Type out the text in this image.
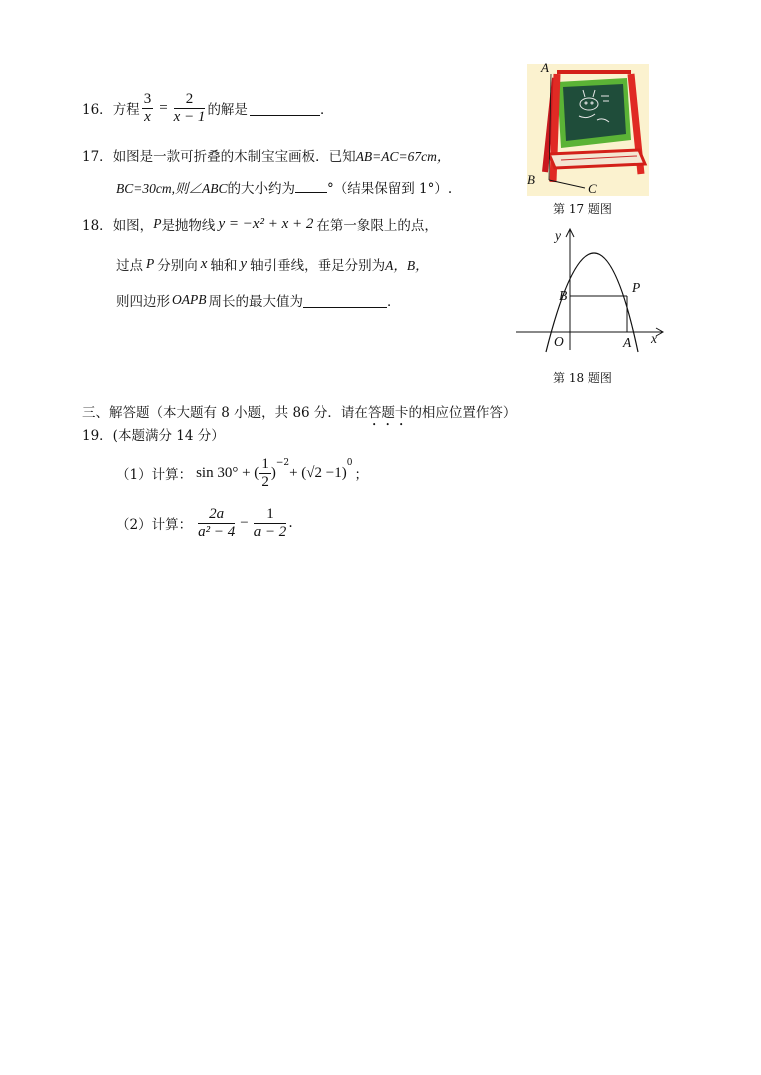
16． 方程 $\frac{3}{x} = \frac{2}{x - 1}$ 的解是	．
17．如图是一款可折叠的木制宝宝画板．已知AB=AC=67cm，
BC=30cm,则∠ABC的大小约为 °（结果保留到 1°）.
A
B
C
第 17 题图
18． 如图， P 是抛物线 y = −x² + x + 2 在第一象限上的点，
过点 P 分别向 x 轴和 y 轴引垂线，垂足分别为 A，B，
则四边形 OAPB 周长的最大值为	．
y
x
O	A
B
P
第 18 题图
三、解答题（本大题有 8 小题，共 86 分．请在答题卡的相应位置作答）
19．(本题满分 14 分）
（1）计算： sin 30° + ( $\frac{1}{2}$ )
$^{-2}$
+ (√2 −1)
$^0$
；
（2）计算： $\frac{2a}{\text{a² − 4}} - \frac{1}{a - 2}$ .
